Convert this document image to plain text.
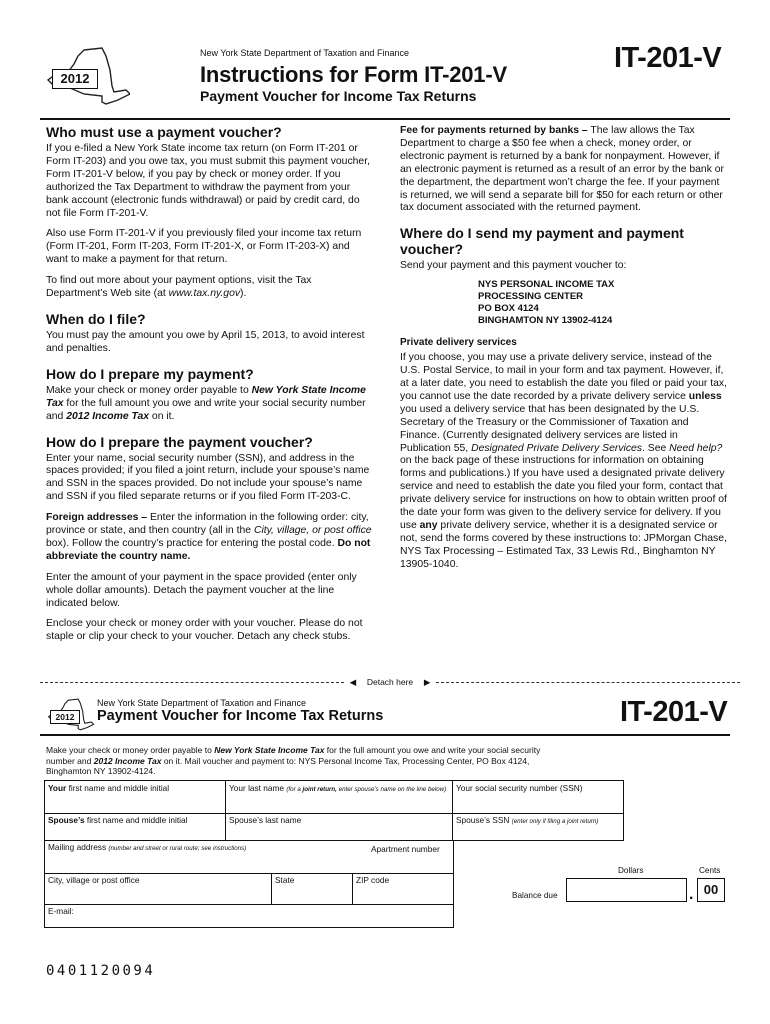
2012
New York State Department of Taxation and Finance
Instructions for Form IT-201-V
Payment Voucher for Income Tax Returns
IT-201-V
Who must use a payment voucher?

If you e-filed a New York State income tax return (on Form IT-201 or Form IT-203) and you owe tax, you must submit this payment voucher, Form IT-201-V below, if you pay by check or money order. If you authorized the Tax Department to withdraw the payment from your bank account (electronic funds withdrawal) or paid by credit card, do not file Form IT-201-V.

Also use Form IT-201-V if you previously filed your income tax return (Form IT-201, Form IT-203, Form IT-201-X, or Form IT-203-X) and want to make a payment for that return.

To find out more about your payment options, visit the Tax Department’s Web site (at www.tax.ny.gov).

When do I file?

You must pay the amount you owe by April 15, 2013, to avoid interest and penalties.

How do I prepare my payment?

Make your check or money order payable to New York State Income Tax for the full amount you owe and write your social security number and 2012 Income Tax on it.

How do I prepare the payment voucher?

Enter your name, social security number (SSN), and address in the spaces provided; if you filed a joint return, include your spouse’s name and SSN in the spaces provided. Do not include your spouse’s name and SSN if you filed separate returns or if you filed Form IT-203-C.

Foreign addresses – Enter the information in the following order: city, province or state, and then country (all in the City, village, or post office box). Follow the country’s practice for entering the postal code. Do not abbreviate the country name.

Enter the amount of your payment in the space provided (enter only whole dollar amounts). Detach the payment voucher at the line indicated below.

Enclose your check or money order with your voucher. Please do not staple or clip your check to your voucher. Detach any check stubs.

Fee for payments returned by banks – The law allows the Tax Department to charge a $50 fee when a check, money order, or electronic payment is returned by a bank for nonpayment. However, if an electronic payment is returned as a result of an error by the bank or the department, the department won’t charge the fee. If your payment is returned, we will send a separate bill for $50 for each return or other tax document associated with the returned payment.

Where do I send my payment and payment voucher?

Send your payment and this payment voucher to:

NYS PERSONAL INCOME TAX
PROCESSING CENTER
PO BOX 4124
BINGHAMTON NY 13902-4124
Private delivery services

If you choose, you may use a private delivery service, instead of the U.S. Postal Service, to mail in your form and tax payment. However, if, at a later date, you need to establish the date you filed or paid your tax, you cannot use the date recorded by a private delivery service unless you used a delivery service that has been designated by the U.S. Secretary of the Treasury or the Commissioner of Taxation and Finance. (Currently designated delivery services are listed in Publication 55, Designated Private Delivery Services. See Need help? on the back page of these instructions for information on obtaining forms and publications.) If you have used a designated private delivery service and need to establish the date you filed your form, contact that private delivery service for instructions on how to obtain written proof of the date your form was given to the delivery service for delivery. If you use any private delivery service, whether it is a designated service or not, send the forms covered by these instructions to: JPMorgan Chase, NYS Tax Processing – Estimated Tax, 33 Lewis Rd., Binghamton NY 13905-1040.

◀  Detach here  ▶
2012
New York State Department of Taxation and Finance
Payment Voucher for Income Tax Returns	IT-201-V
Make your check or money order payable to New York State Income Tax for the full amount you owe and write your social security number and 2012 Income Tax on it. Mail voucher and payment to: NYS Personal Income Tax, Processing Center, PO Box 4124, Binghamton NY 13902-4124.
Your first name and middle initial	Your last name (for a joint return, enter spouse’s name on the line below)	Your social security number (SSN)
Spouse’s first name and middle initial	Spouse’s last name	Spouse’s SSN (enter only if filing a joint return)
Mailing address (number and street or rural route; see instructions)	Apartment number
City, village or post office	State	ZIP code
E-mail:
Dollars	Cents
Balance due	. 00
0401120094
